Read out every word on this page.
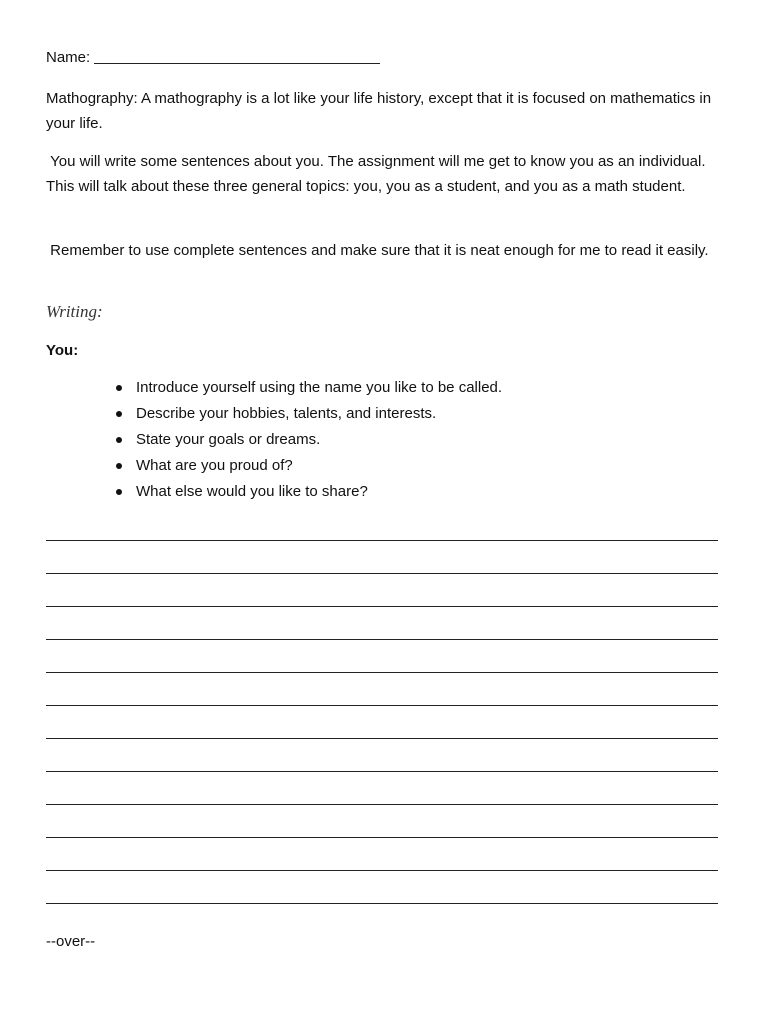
Name:

Mathography: A mathography is a lot like your life history, except that it is focused on mathematics in your life.

You will write some sentences about you. The assignment will me get to know you as an individual. This will talk about these three general topics: you, you as a student, and you as a math student.

Remember to use complete sentences and make sure that it is neat enough for me to read it easily.

Writing:
You:
Introduce yourself using the name you like to be called.
Describe your hobbies, talents, and interests.
State your goals or dreams.
What are you proud of?
What else would you like to share?
--over--
